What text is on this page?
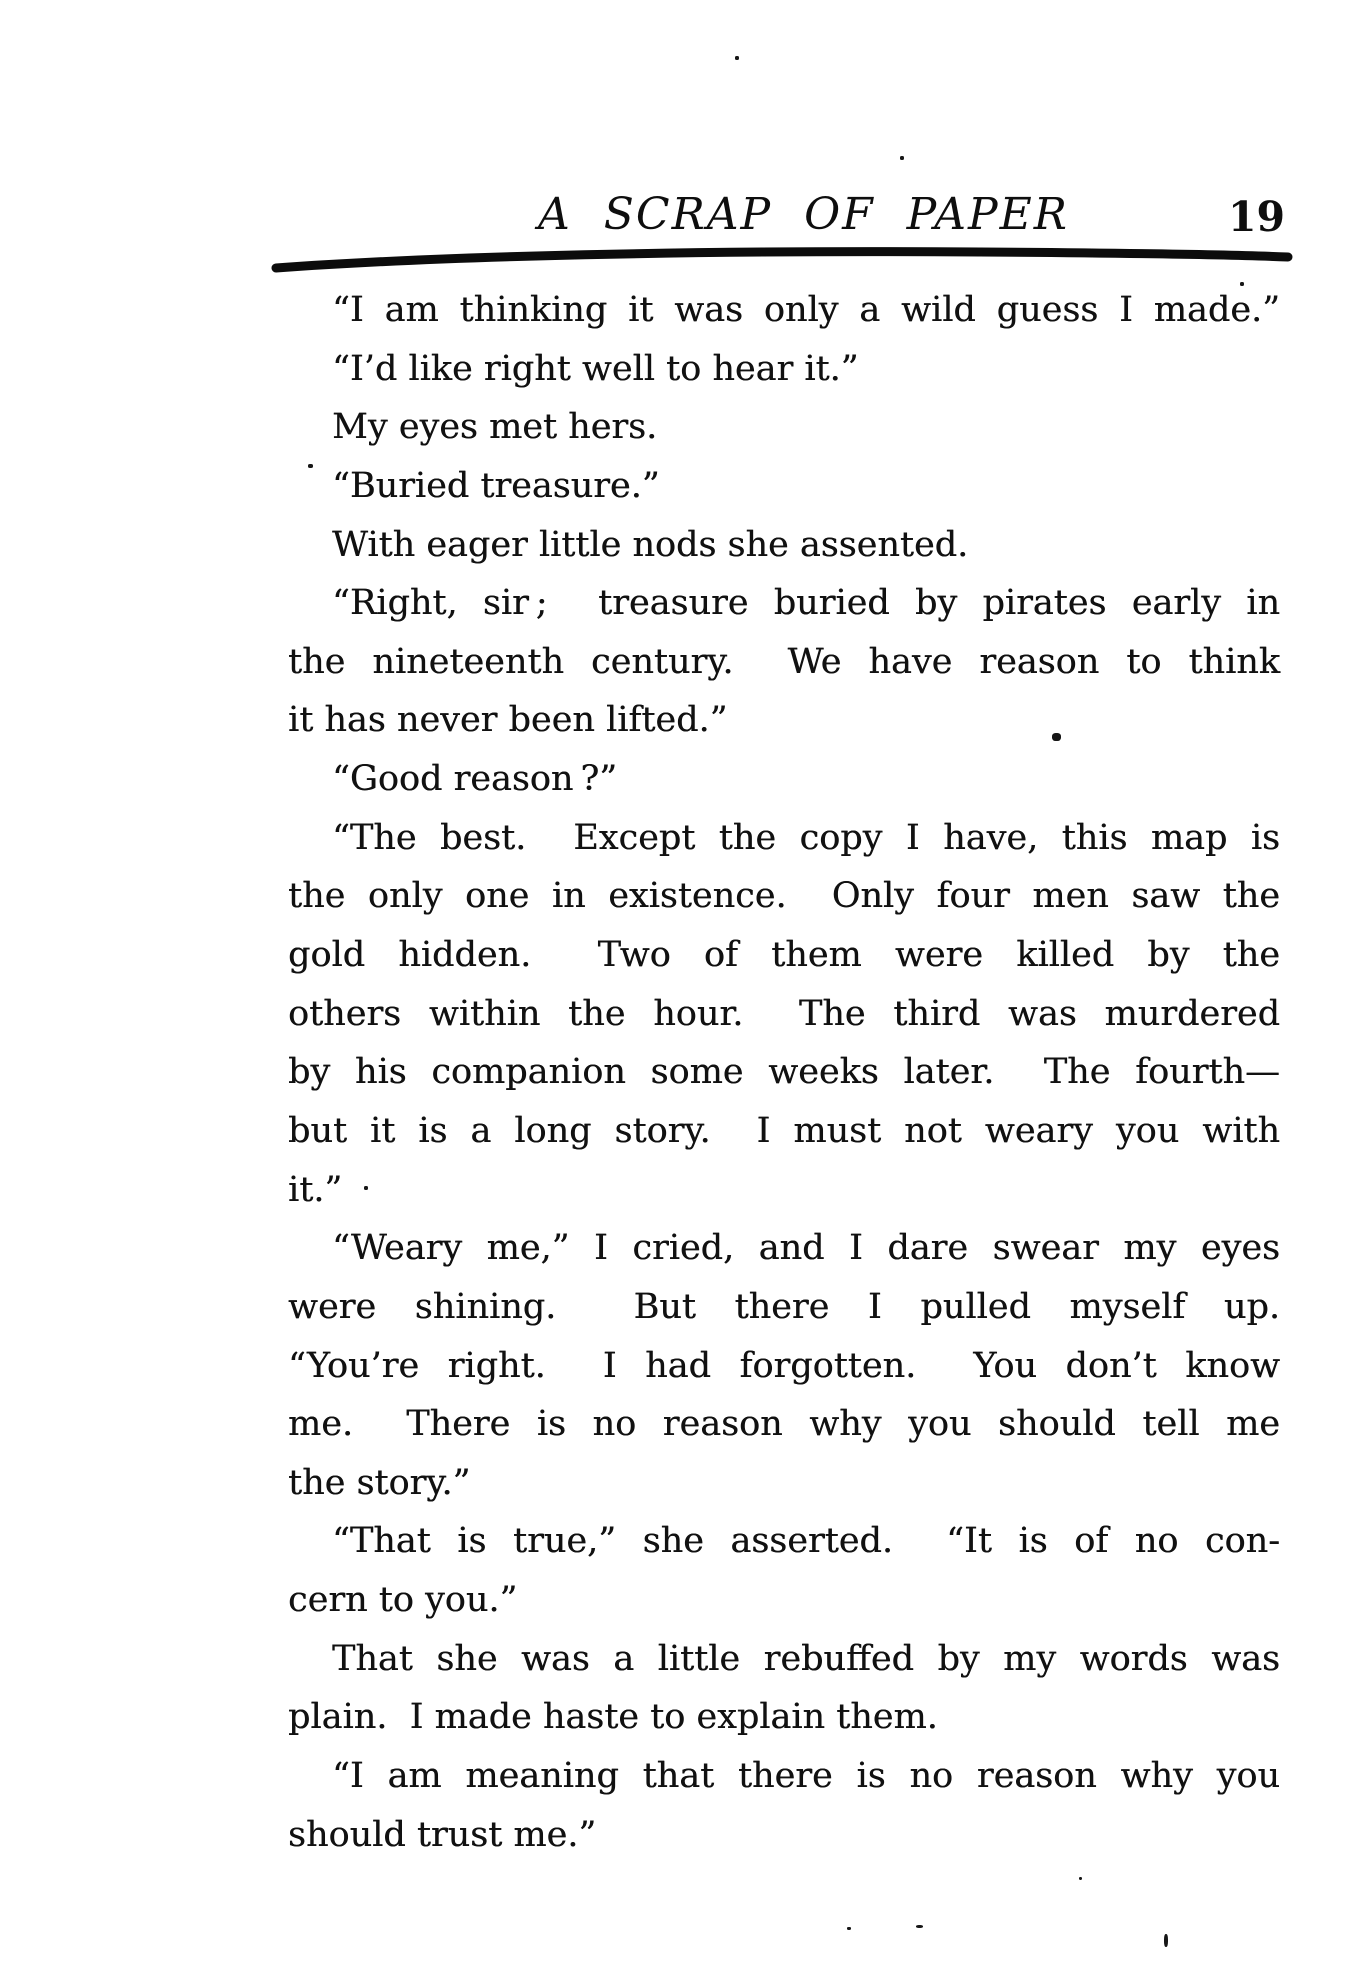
A SCRAP OF PAPER	19
“I am thinking it was only a wild guess I made.”
“I’d like right well to hear it.”
My eyes met hers.
“Buried treasure.”
With eager little nods she assented.
“Right, sir ;  treasure buried by pirates early in
the nineteenth century.  We have reason to think
it has never been lifted.”
“Good reason ?”
“The best.  Except the copy I have, this map is
the only one in existence.  Only four men saw the
gold hidden.  Two of them were killed by the
others within the hour.  The third was murdered
by his companion some weeks later.  The fourth—
but it is a long story.  I must not weary you with
it.”
“Weary me,” I cried, and I dare swear my eyes
were shining.  But there I pulled myself up.
“You’re right.  I had forgotten.  You don’t know
me.  There is no reason why you should tell me
the story.”
“That is true,” she asserted.  “It is of no con-
cern to you.”
That she was a little rebuffed by my words was
plain.  I made haste to explain them.
“I am meaning that there is no reason why you
should trust me.”
